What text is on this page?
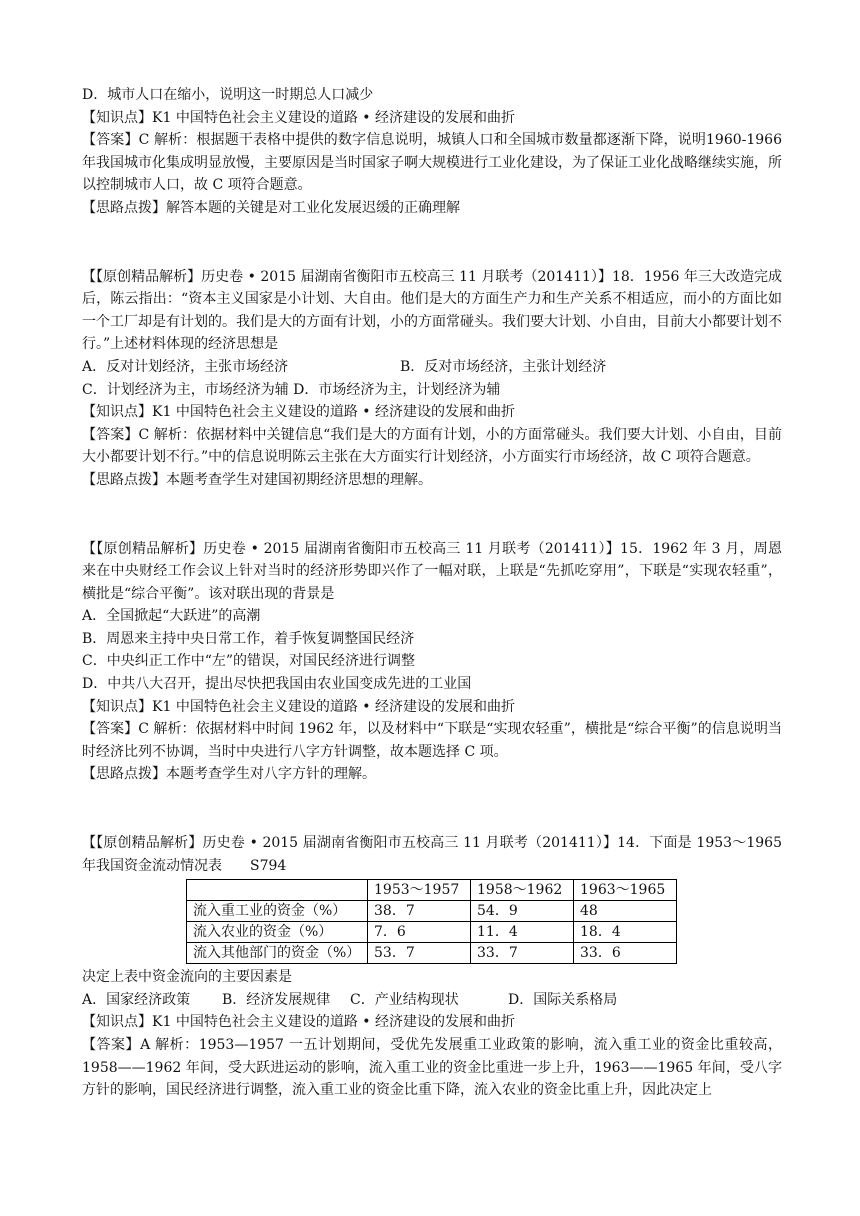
D．城市人口在缩小，说明这一时期总人口减少

【知识点】K1 中国特色社会主义建设的道路 • 经济建设的发展和曲折

【答案】C 解析：根据题干表格中提供的数字信息说明，城镇人口和全国城市数量都逐渐下降，说明1960-1966 年我国城市化集成明显放慢，主要原因是当时国家子啊大规模进行工业化建设，为了保证工业化战略继续实施，所以控制城市人口，故 C 项符合题意。

【思路点拨】解答本题的关键是对工业化发展迟缓的正确理解

【【原创精品解析】历史卷 • 2015 届湖南省衡阳市五校高三 11 月联考（201411）】18．1956 年三大改造完成后，陈云指出：“资本主义国家是小计划、大自由。他们是大的方面生产力和生产关系不相适应，而小的方面比如一个工厂却是有计划的。我们是大的方面有计划，小的方面常碰头。我们要大计划、小自由，目前大小都要计划不行。”上述材料体现的经济思想是

A．反对计划经济，主张市场经济	B．反对市场经济，主张计划经济

C．计划经济为主，市场经济为辅 D．市场经济为主，计划经济为辅

【知识点】K1 中国特色社会主义建设的道路 • 经济建设的发展和曲折

【答案】C 解析：依据材料中关键信息“我们是大的方面有计划，小的方面常碰头。我们要大计划、小自由，目前大小都要计划不行。”中的信息说明陈云主张在大方面实行计划经济，小方面实行市场经济，故 C 项符合题意。

【思路点拨】本题考查学生对建国初期经济思想的理解。

【【原创精品解析】历史卷 • 2015 届湖南省衡阳市五校高三 11 月联考（201411）】15．1962 年 3 月，周恩来在中央财经工作会议上针对当时的经济形势即兴作了一幅对联，上联是“先抓吃穿用”，下联是“实现农轻重”，横批是“综合平衡”。该对联出现的背景是

A．全国掀起“大跃进”的高潮

B．周恩来主持中央日常工作，着手恢复调整国民经济

C．中央纠正工作中“左”的错误，对国民经济进行调整

D．中共八大召开，提出尽快把我国由农业国变成先进的工业国

【知识点】K1 中国特色社会主义建设的道路 • 经济建设的发展和曲折

【答案】C 解析：依据材料中时间 1962 年，以及材料中“下联是“实现农轻重”，横批是“综合平衡”的信息说明当时经济比列不协调，当时中央进行八字方针调整，故本题选择 C 项。

【思路点拨】本题考查学生对八字方针的理解。

【【原创精品解析】历史卷 • 2015 届湖南省衡阳市五校高三 11 月联考（201411）】14．下面是 1953～1965 年我国资金流动情况表　　S794

	1953～1957	1958～1962	1963～1965
流入重工业的资金（%）	38．7	54．9	48
流入农业的资金（%）	7．6	11．4	18．4
流入其他部门的资金（%）	53．7	33．7	33．6

决定上表中资金流向的主要因素是

A．国家经济政策	B．经济发展规律	C．产业结构现状	D．国际关系格局

【知识点】K1 中国特色社会主义建设的道路 • 经济建设的发展和曲折

【答案】A 解析：1953—1957 一五计划期间，受优先发展重工业政策的影响，流入重工业的资金比重较高，1958——1962 年间，受大跃进运动的影响，流入重工业的资金比重进一步上升，1963——1965 年间，受八字方针的影响，国民经济进行调整，流入重工业的资金比重下降，流入农业的资金比重上升，因此决定上
